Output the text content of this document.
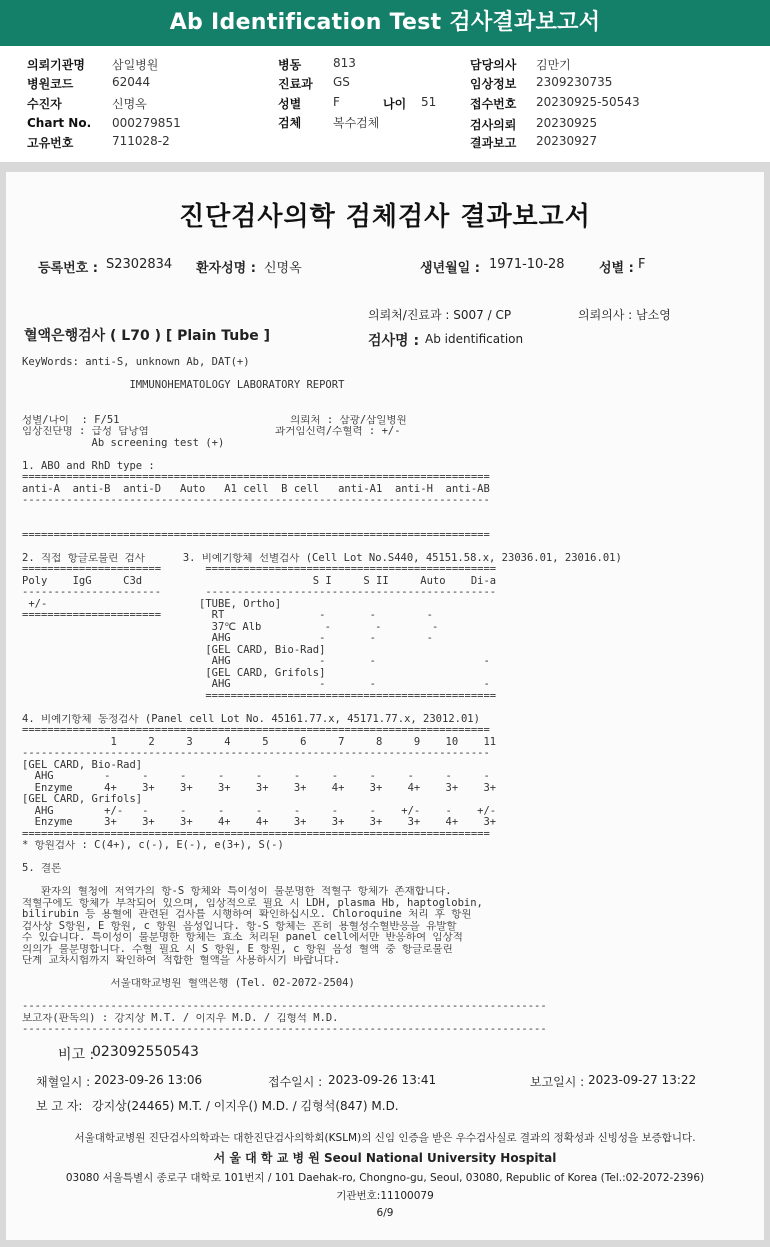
Ab Identification Test 검사결과보고서
의뢰기관명 삼일병원
병원코드	62044
수진자	신명옥
Chart No. 000279851
고유번호	711028-2
병동	813
진료과 GS
성별	F	나이 51
검체	복수검체
담당의사 김만기
임상정보 2309230735
접수번호 20230925-50543
검사의뢰 20230925
결과보고 20230927
진단검사의학 검체검사 결과보고서
등록번호 : S2302834 환자성명 : 신명옥	생년월일 : 1971-10-28	성별 : F
의뢰처/진료과 : S007 / CP	의뢰의사 : 남소영
혈액은행검사 ( L70 ) [ Plain Tube ]	검사명 : Ab identification
KeyWords: anti-S, unknown Ab, DAT(+)
IMMUNOHEMATOLOGY LABORATORY REPORT
성별/나이  : F/51                           의뢰처 : 삼광/삼일병원
임상진단명 : 급성 담낭염                    과거임신력/수혈력 : +/-
Ab screening test (+)
1. ABO and RhD type :
==========================================================================
anti-A  anti-B  anti-D   Auto   A1 cell  B cell   anti-A1  anti-H  anti-AB
--------------------------------------------------------------------------
==========================================================================
2. 직접 항글로불린 검사      3. 비예기항체 선별검사 (Cell Lot No.S440, 45151.58.x, 23036.01, 23016.01)
======================       ==============================================
Poly    IgG     C3d                           S I     S II     Auto    Di-a
----------------------       ----------------------------------------------
+/-                        [TUBE, Ortho]
======================        RT               -       -        -
37℃ Alb          -       -        -
AHG              -       -        -
[GEL CARD, Bio-Rad]
AHG              -       -                 -
[GEL CARD, Grifols]
AHG              -       -                 -
==============================================
4. 비예기항체 동정검사 (Panel cell Lot No. 45161.77.x, 45171.77.x, 23012.01)
==========================================================================
1     2     3     4     5     6     7     8     9    10    11
--------------------------------------------------------------------------
[GEL CARD, Bio-Rad]
AHG        -     -     -     -     -     -     -     -     -     -     -
Enzyme     4+    3+    3+    3+    3+    3+    4+    3+    4+    3+    3+
[GEL CARD, Grifols]
AHG        +/-   -     -     -     -     -     -     -    +/-    -    +/-
Enzyme     3+    3+    3+    4+    4+    3+    3+    3+    3+    4+    3+
==========================================================================
* 항원검사 : C(4+), c(-), E(-), e(3+), S(-)
5. 결론
환자의 혈청에 저역가의 항-S 항체와 특이성이 불분명한 적혈구 항체가 존재합니다.
적혈구에도 항체가 부착되어 있으며, 임상적으로 필요 시 LDH, plasma Hb, haptoglobin,
bilirubin 등 용혈에 관련된 검사를 시행하여 확인하십시오. Chloroquine 처리 후 항원
검사상 S항원, E 항원, c 항원 음성입니다. 항-S 항체는 흔히 용혈성수혈반응을 유발할
수 있습니다. 특이성이 불분명한 항체는 효소 처리된 panel cell에서만 반응하여 임상적
의의가 불분명합니다. 수혈 필요 시 S 항원, E 항원, c 항원 음성 혈액 중 항글로불린
단계 교차시험까지 확인하여 적합한 혈액을 사용하시기 바랍니다.
서울대학교병원 혈액은행 (Tel. 02-2072-2504)
-----------------------------------------------------------------------------------
보고자(판독의) : 강지상 M.T. / 이지우 M.D. / 김형석 M.D.
-----------------------------------------------------------------------------------
비고 :
023092550543
채혈일시 : 2023-09-26 13:06	접수일시 : 2023-09-26 13:41	보고일시 : 2023-09-27 13:22
보 고 자: 강지상(24465) M.T. / 이지우() M.D. / 김형석(847) M.D.
서울대학교병원 진단검사의학과는 대한진단검사의학회(KSLM)의 신임 인증을 받은 우수검사실로 결과의 정확성과 신빙성을 보증합니다.
서 울 대 학 교 병 원 Seoul National University Hospital
03080 서울특별시 종로구 대학로 101번지 / 101 Daehak-ro, Chongno-gu, Seoul, 03080, Republic of Korea (Tel.:02-2072-2396)
기관번호:11100079
6/9
